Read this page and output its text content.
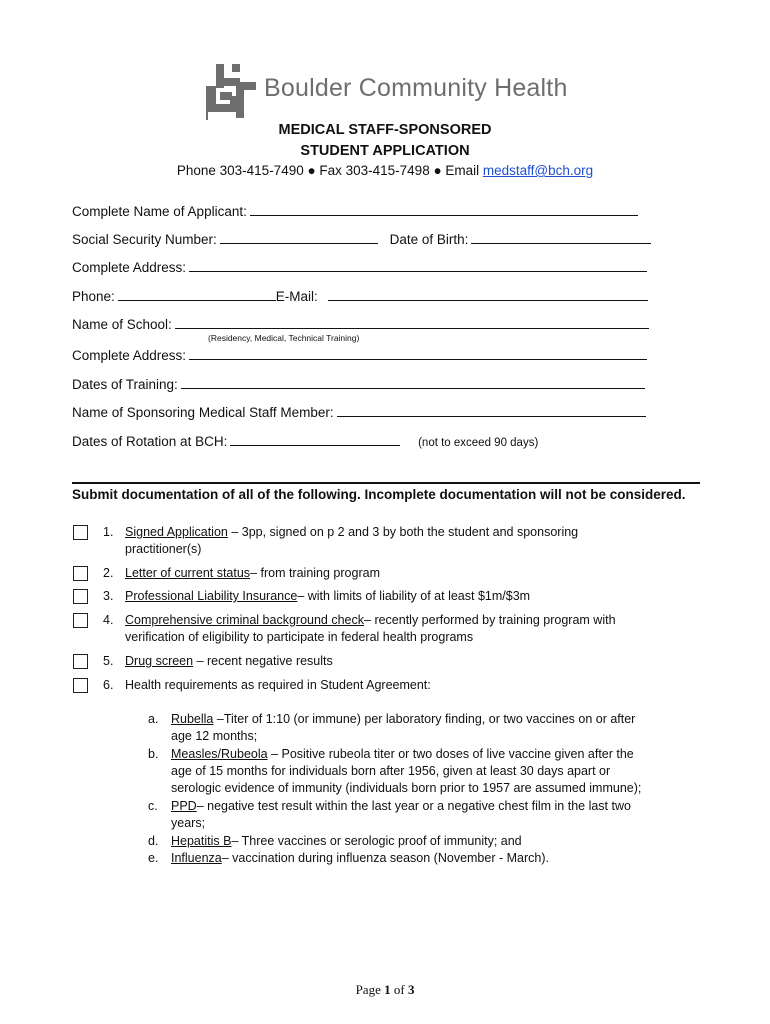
Boulder Community Health
MEDICAL STAFF-SPONSORED
STUDENT APPLICATION
Phone 303-415-7490 ● Fax 303-415-7498 ● Email medstaff@bch.org
Complete Name of Applicant:
Social Security Number:	Date of Birth:
Complete Address:
Phone:	E-Mail:
Name of School:
(Residency, Medical, Technical Training)
Complete Address:
Dates of Training:
Name of Sponsoring Medical Staff Member:
Dates of Rotation at BCH:	(not to exceed 90 days)
Submit documentation of all of the following. Incomplete documentation will not be considered.
1. Signed Application – 3pp, signed on p 2 and 3 by both the student and sponsoring
practitioner(s)
2. Letter of current status– from training program
3. Professional Liability Insurance– with limits of liability of at least $1m/$3m
4. Comprehensive criminal background check– recently performed by training program with
verification of eligibility to participate in federal health programs
5. Drug screen – recent negative results
6. Health requirements as required in Student Agreement:
a. Rubella –Titer of 1:10 (or immune) per laboratory finding, or two vaccines on or after
age 12 months;
b. Measles/Rubeola – Positive rubeola titer or two doses of live vaccine given after the
age of 15 months for individuals born after 1956, given at least 30 days apart or
serologic evidence of immunity (individuals born prior to 1957 are assumed immune);
c. PPD– negative test result within the last year or a negative chest film in the last two
years;
d. Hepatitis B– Three vaccines or serologic proof of immunity; and
e. Influenza– vaccination during influenza season (November - March).
Page 1 of 3
